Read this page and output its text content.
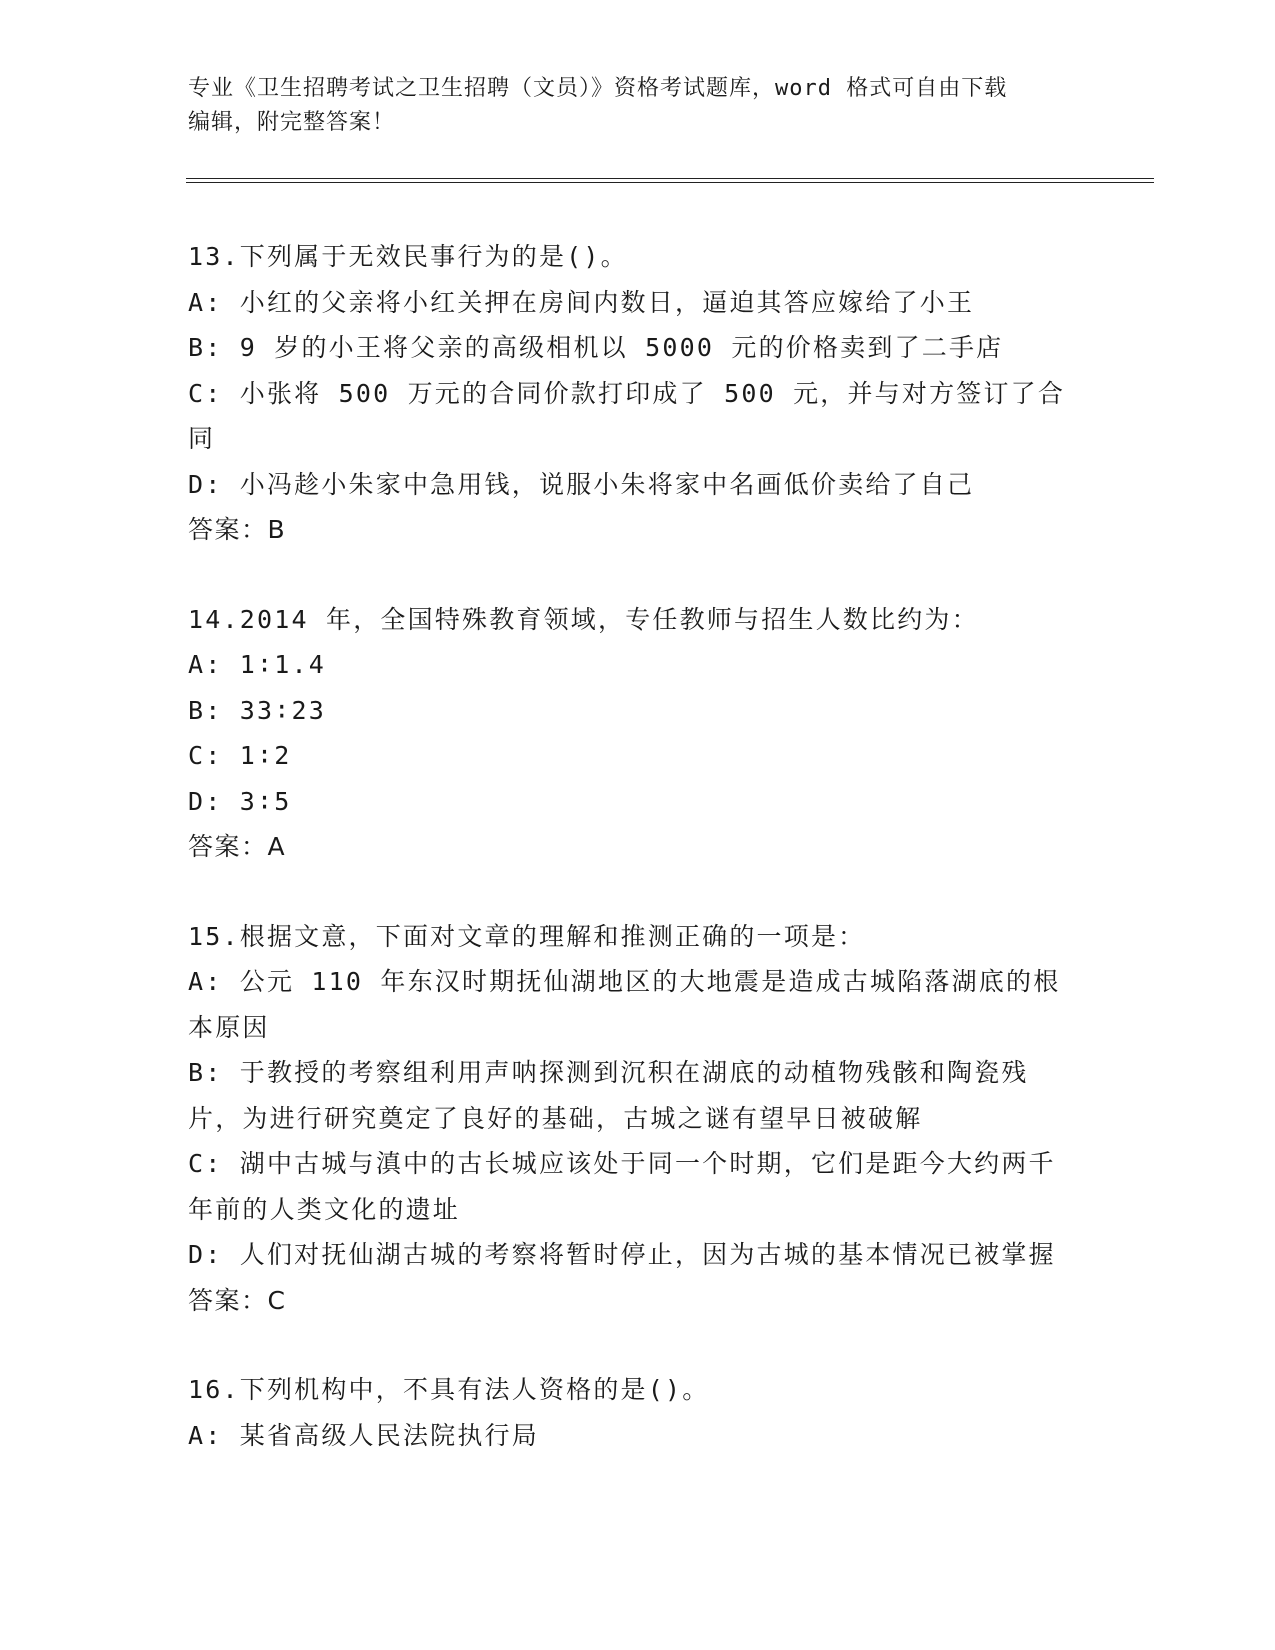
专业《卫生招聘考试之卫生招聘（文员）》资格考试题库，word 格式可自由下载
编辑，附完整答案！
13.下列属于无效民事行为的是()。
A: 小红的父亲将小红关押在房间内数日，逼迫其答应嫁给了小王
B: 9 岁的小王将父亲的高级相机以 5000 元的价格卖到了二手店
C: 小张将 500 万元的合同价款打印成了 500 元，并与对方签订了合同
D: 小冯趁小朱家中急用钱，说服小朱将家中名画低价卖给了自己
答案：B
14.2014 年，全国特殊教育领域，专任教师与招生人数比约为：
A: 1∶1.4
B: 33∶23
C: 1∶2
D: 3∶5
答案：A
15.根据文意，下面对文章的理解和推测正确的一项是：
A: 公元 110 年东汉时期抚仙湖地区的大地震是造成古城陷落湖底的根本原因
B: 于教授的考察组利用声呐探测到沉积在湖底的动植物残骸和陶瓷残片，为进行研究奠定了良好的基础，古城之谜有望早日被破解
C: 湖中古城与滇中的古长城应该处于同一个时期，它们是距今大约两千年前的人类文化的遗址
D: 人们对抚仙湖古城的考察将暂时停止，因为古城的基本情况已被掌握
答案：C
16.下列机构中，不具有法人资格的是()。
A: 某省高级人民法院执行局
